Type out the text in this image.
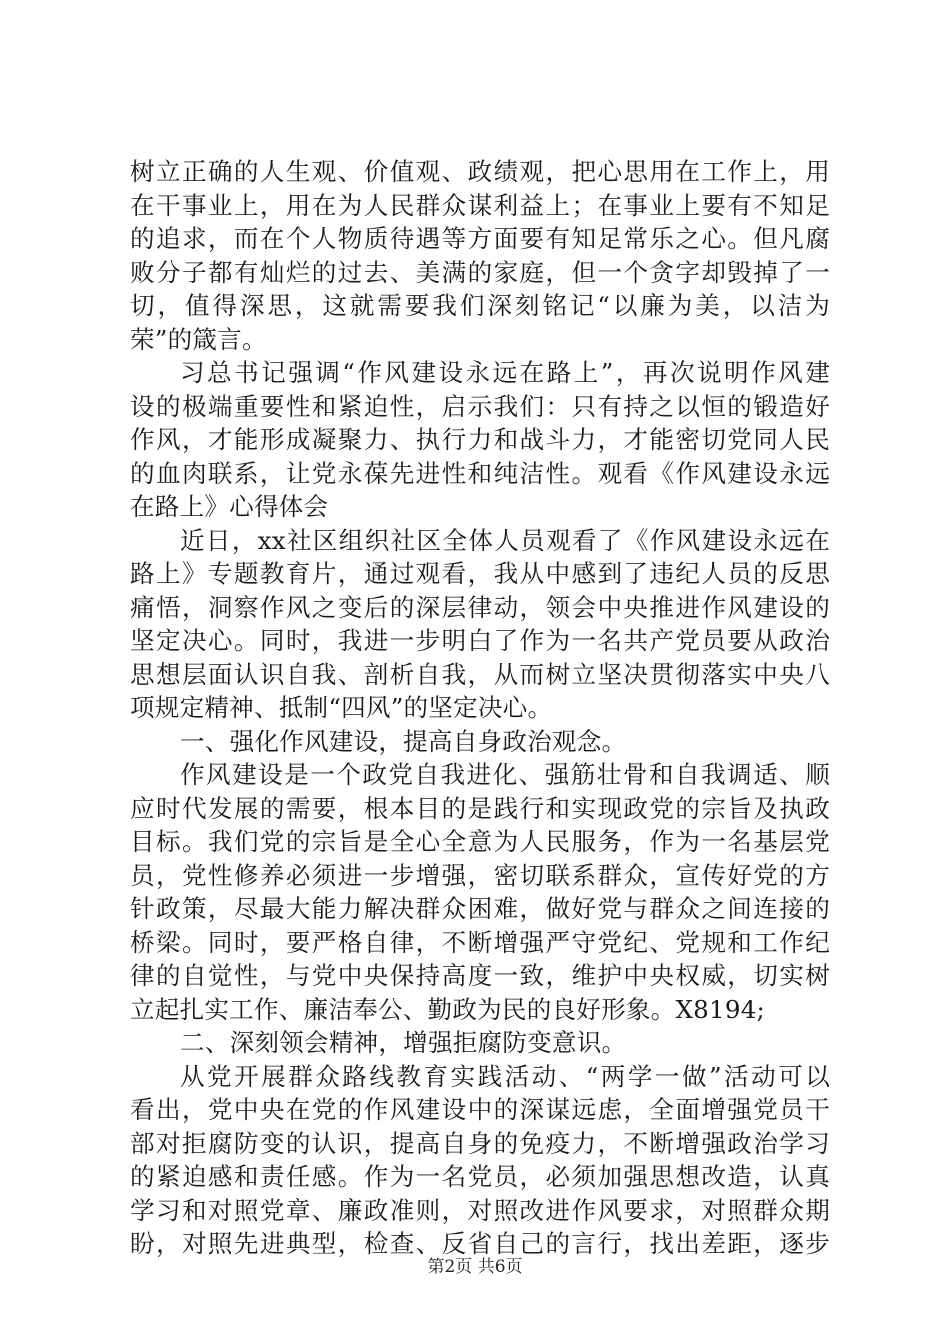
树立正确的人生观、价值观、政绩观，把心思用在工作上，用
在干事业上，用在为人民群众谋利益上；在事业上要有不知足
的追求，而在个人物质待遇等方面要有知足常乐之心。但凡腐
败分子都有灿烂的过去、美满的家庭，但一个贪字却毁掉了一
切，值得深思，这就需要我们深刻铭记“以廉为美，以洁为
荣”的箴言。
习总书记强调“作风建设永远在路上”，再次说明作风建
设的极端重要性和紧迫性，启示我们：只有持之以恒的锻造好
作风，才能形成凝聚力、执行力和战斗力，才能密切党同人民
的血肉联系，让党永葆先进性和纯洁性。观看《作风建设永远
在路上》心得体会
近日，xx社区组织社区全体人员观看了《作风建设永远在
路上》专题教育片，通过观看，我从中感到了违纪人员的反思
痛悟，洞察作风之变后的深层律动，领会中央推进作风建设的
坚定决心。同时，我进一步明白了作为一名共产党员要从政治
思想层面认识自我、剖析自我，从而树立坚决贯彻落实中央八
项规定精神、抵制“四风”的坚定决心。
一、强化作风建设，提高自身政治观念。
作风建设是一个政党自我进化、强筋壮骨和自我调适、顺
应时代发展的需要，根本目的是践行和实现政党的宗旨及执政
目标。我们党的宗旨是全心全意为人民服务，作为一名基层党
员，党性修养必须进一步增强，密切联系群众，宣传好党的方
针政策，尽最大能力解决群众困难，做好党与群众之间连接的
桥梁。同时，要严格自律，不断增强严守党纪、党规和工作纪
律的自觉性，与党中央保持高度一致，维护中央权威，切实树
立起扎实工作、廉洁奉公、勤政为民的良好形象。X8194;
二、深刻领会精神，增强拒腐防变意识。
从党开展群众路线教育实践活动、“两学一做”活动可以
看出，党中央在党的作风建设中的深谋远虑，全面增强党员干
部对拒腐防变的认识，提高自身的免疫力，不断增强政治学习
的紧迫感和责任感。作为一名党员，必须加强思想改造，认真
学习和对照党章、廉政准则，对照改进作风要求，对照群众期
盼，对照先进典型，检查、反省自己的言行，找出差距，逐步
第2页 共6页
